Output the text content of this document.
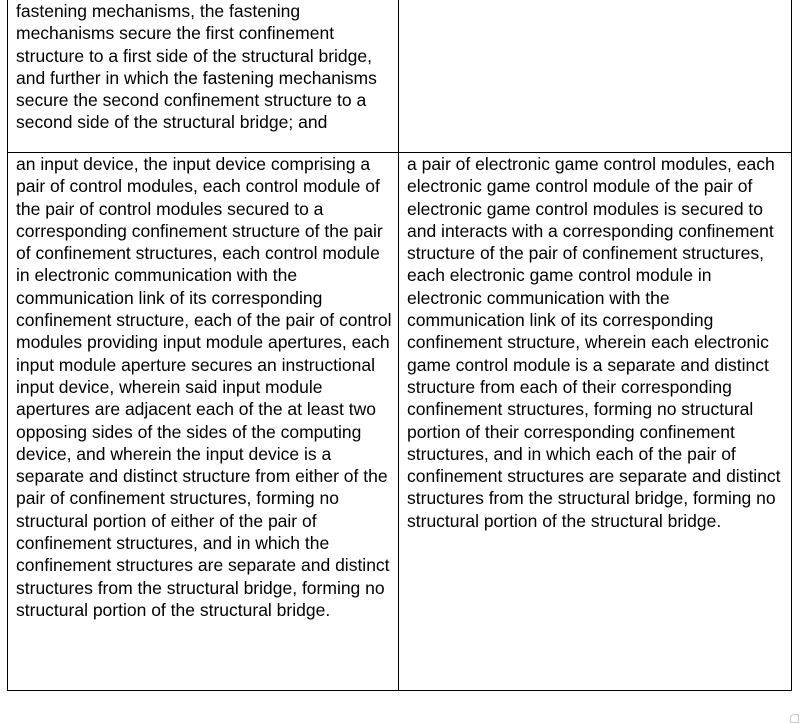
fastening mechanisms, the fastening mechanisms secure the first confinement structure to a first side of the structural bridge, and further in which the fastening mechanisms secure the second confinement structure to a second side of the structural bridge; and	
an input device, the input device comprising a pair of control modules, each control module of the pair of control modules secured to a corresponding confinement structure of the pair of confinement structures, each control module in electronic communication with the communication link of its corresponding confinement structure, each of the pair of control modules providing input module apertures, each input module aperture secures an instructional input device, wherein said input module apertures are adjacent each of the at least two opposing sides of the sides of the computing device, and wherein the input device is a separate and distinct structure from either of the pair of confinement structures, forming no structural portion of either of the pair of confinement structures, and in which the confinement structures are separate and distinct structures from the structural bridge, forming no structural portion of the structural bridge.	a pair of electronic game control modules, each electronic game control module of the pair of electronic game control modules is secured to and interacts with a corresponding confinement structure of the pair of confinement structures, each electronic game control module in electronic communication with the communication link of its corresponding confinement structure, wherein each electronic game control module is a separate and distinct structure from each of their corresponding confinement structures, forming no structural portion of their corresponding confinement structures, and in which each of the pair of confinement structures are separate and distinct structures from the structural bridge, forming no structural portion of the structural bridge.
